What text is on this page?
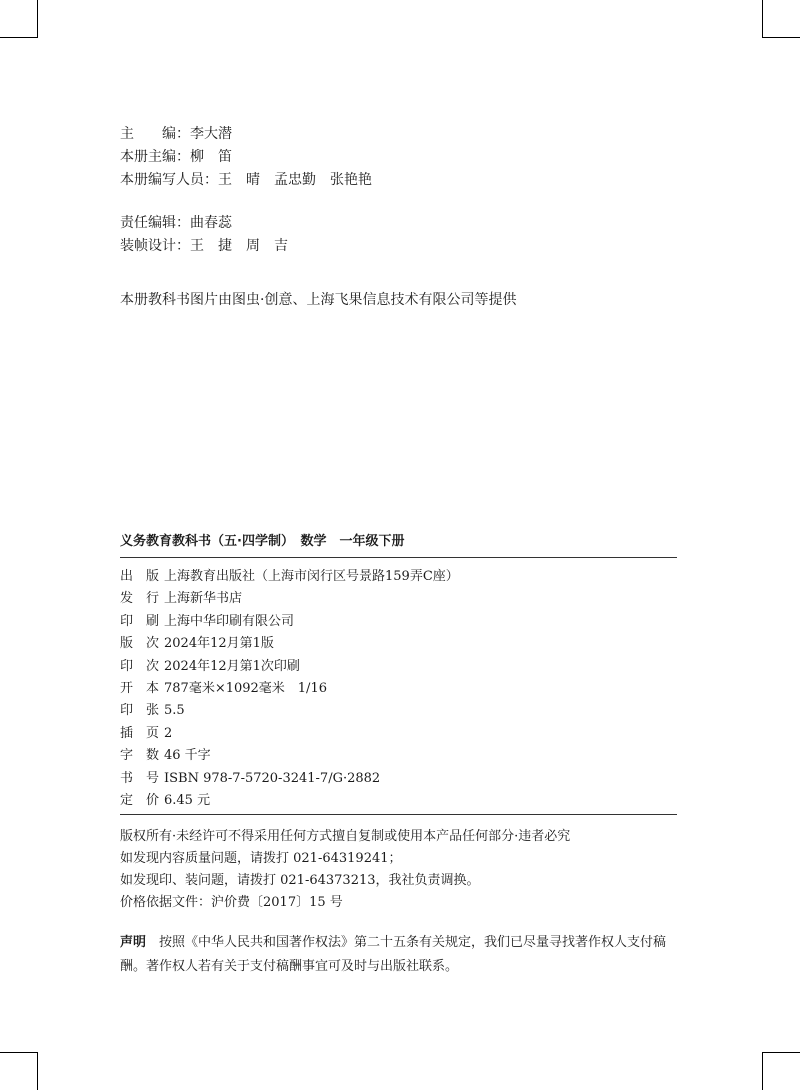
主　　编：李大潜
本册主编：柳　笛
本册编写人员：王　晴　孟忠勤　张艳艳
责任编辑：曲春蕊
装帧设计：王　捷　周　吉
本册教科书图片由图虫·创意、上海飞果信息技术有限公司等提供
义务教育教科书（五·四学制）　数学　一年级下册
出　版 上海教育出版社（上海市闵行区号景路159弄C座）
发　行 上海新华书店
印　刷 上海中华印刷有限公司
版　次 2024年12月第1版
印　次 2024年12月第1次印刷
开　本 787毫米×1092毫米　1/16
印　张 5.5
插　页 2
字　数 46 千字
书　号 ISBN 978-7-5720-3241-7/G·2882
定　价 6.45 元
版权所有·未经许可不得采用任何方式擅自复制或使用本产品任何部分·违者必究
如发现内容质量问题，请拨打 021-64319241；
如发现印、装问题，请拨打 021-64373213，我社负责调换。
价格依据文件：沪价费〔2017〕15 号
声明　 按照《中华人民共和国著作权法》第二十五条有关规定，我们已尽量寻找著作权人支付稿酬。著作权人若有关于支付稿酬事宜可及时与出版社联系。
